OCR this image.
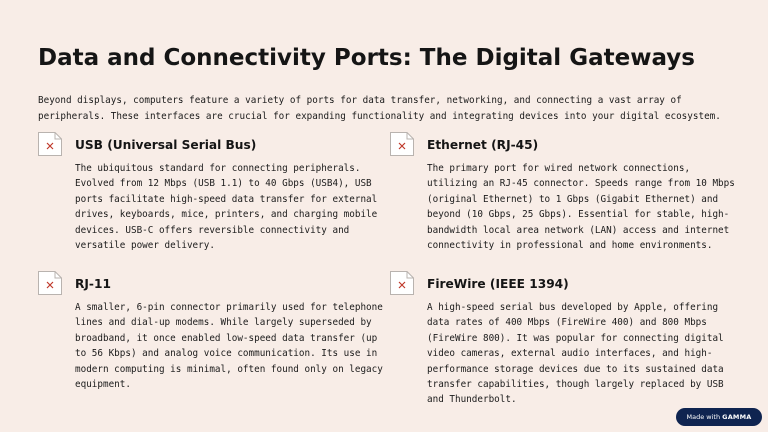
Data and Connectivity Ports: The Digital Gateways

Beyond displays, computers feature a variety of ports for data transfer, networking, and connecting a vast array of peripherals. These interfaces are crucial for expanding functionality and integrating devices into your digital ecosystem.

USB (Universal Serial Bus)

The ubiquitous standard for connecting peripherals. Evolved from 12 Mbps (USB 1.1) to 40 Gbps (USB4), USB ports facilitate high-speed data transfer for external drives, keyboards, mice, printers, and charging mobile devices. USB-C offers reversible connectivity and versatile power delivery.

Ethernet (RJ-45)

The primary port for wired network connections, utilizing an RJ-45 connector. Speeds range from 10 Mbps (original Ethernet) to 1 Gbps (Gigabit Ethernet) and beyond (10 Gbps, 25 Gbps). Essential for stable, high-bandwidth local area network (LAN) access and internet connectivity in professional and home environments.

RJ-11

A smaller, 6-pin connector primarily used for telephone lines and dial-up modems. While largely superseded by broadband, it once enabled low-speed data transfer (up to 56 Kbps) and analog voice communication. Its use in modern computing is minimal, often found only on legacy equipment.

FireWire (IEEE 1394)

A high-speed serial bus developed by Apple, offering data rates of 400 Mbps (FireWire 400) and 800 Mbps (FireWire 800). It was popular for connecting digital video cameras, external audio interfaces, and high-performance storage devices due to its sustained data transfer capabilities, though largely replaced by USB and Thunderbolt.

Made with GAMMA
